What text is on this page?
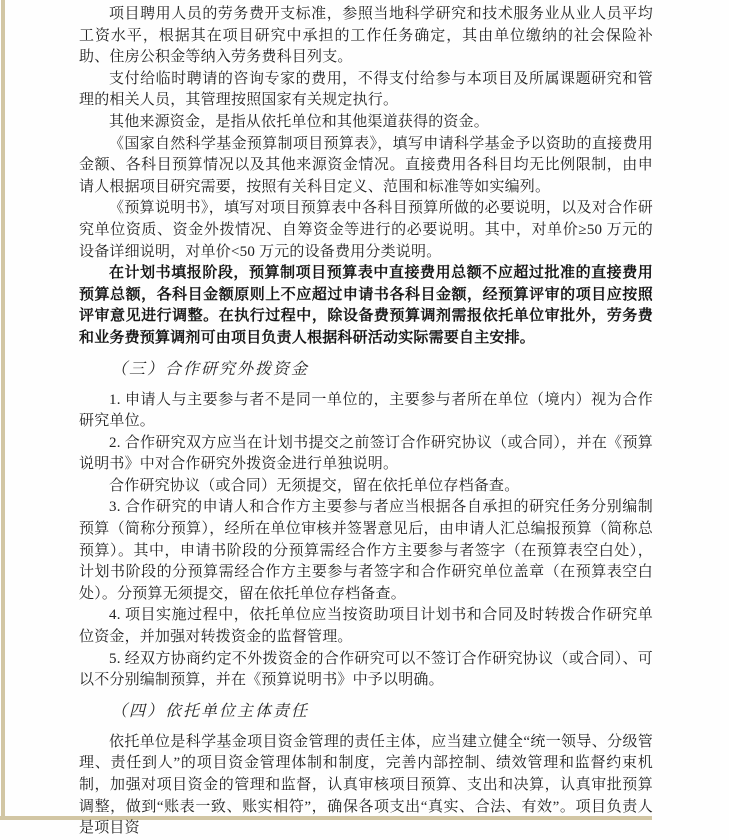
项目聘用人员的劳务费开支标准，参照当地科学研究和技术服务业从业人员平均工资水平，根据其在项目研究中承担的工作任务确定，其由单位缴纳的社会保险补助、住房公积金等纳入劳务费科目列支。

支付给临时聘请的咨询专家的费用，不得支付给参与本项目及所属课题研究和管理的相关人员，其管理按照国家有关规定执行。

其他来源资金，是指从依托单位和其他渠道获得的资金。

《国家自然科学基金预算制项目预算表》，填写申请科学基金予以资助的直接费用金额、各科目预算情况以及其他来源资金情况。直接费用各科目均无比例限制，由申请人根据项目研究需要，按照有关科目定义、范围和标准等如实编列。

《预算说明书》，填写对项目预算表中各科目预算所做的必要说明，以及对合作研究单位资质、资金外拨情况、自筹资金等进行的必要说明。其中，对单价≥50 万元的设备详细说明，对单价<50 万元的设备费用分类说明。

在计划书填报阶段，预算制项目预算表中直接费用总额不应超过批准的直接费用预算总额，各科目金额原则上不应超过申请书各科目金额，经预算评审的项目应按照评审意见进行调整。在执行过程中，除设备费预算调剂需报依托单位审批外，劳务费和业务费预算调剂可由项目负责人根据科研活动实际需要自主安排。

（三）合作研究外拨资金

1. 申请人与主要参与者不是同一单位的，主要参与者所在单位（境内）视为合作研究单位。

2. 合作研究双方应当在计划书提交之前签订合作研究协议（或合同），并在《预算说明书》中对合作研究外拨资金进行单独说明。

合作研究协议（或合同）无须提交，留在依托单位存档备查。

3. 合作研究的申请人和合作方主要参与者应当根据各自承担的研究任务分别编制预算（简称分预算），经所在单位审核并签署意见后，由申请人汇总编报预算（简称总预算）。其中，申请书阶段的分预算需经合作方主要参与者签字（在预算表空白处），计划书阶段的分预算需经合作方主要参与者签字和合作研究单位盖章（在预算表空白处）。分预算无须提交，留在依托单位存档备查。

4. 项目实施过程中，依托单位应当按资助项目计划书和合同及时转拨合作研究单位资金，并加强对转拨资金的监督管理。

5. 经双方协商约定不外拨资金的合作研究可以不签订合作研究协议（或合同）、可以不分别编制预算，并在《预算说明书》中予以明确。

（四）依托单位主体责任

依托单位是科学基金项目资金管理的责任主体，应当建立健全“统一领导、分级管理、责任到人”的项目资金管理体制和制度，完善内部控制、绩效管理和监督约束机制，加强对项目资金的管理和监督，认真审核项目预算、支出和决算，认真审批预算调整，做到“账表一致、账实相符”，确保各项支出“真实、合法、有效”。项目负责人是项目资
